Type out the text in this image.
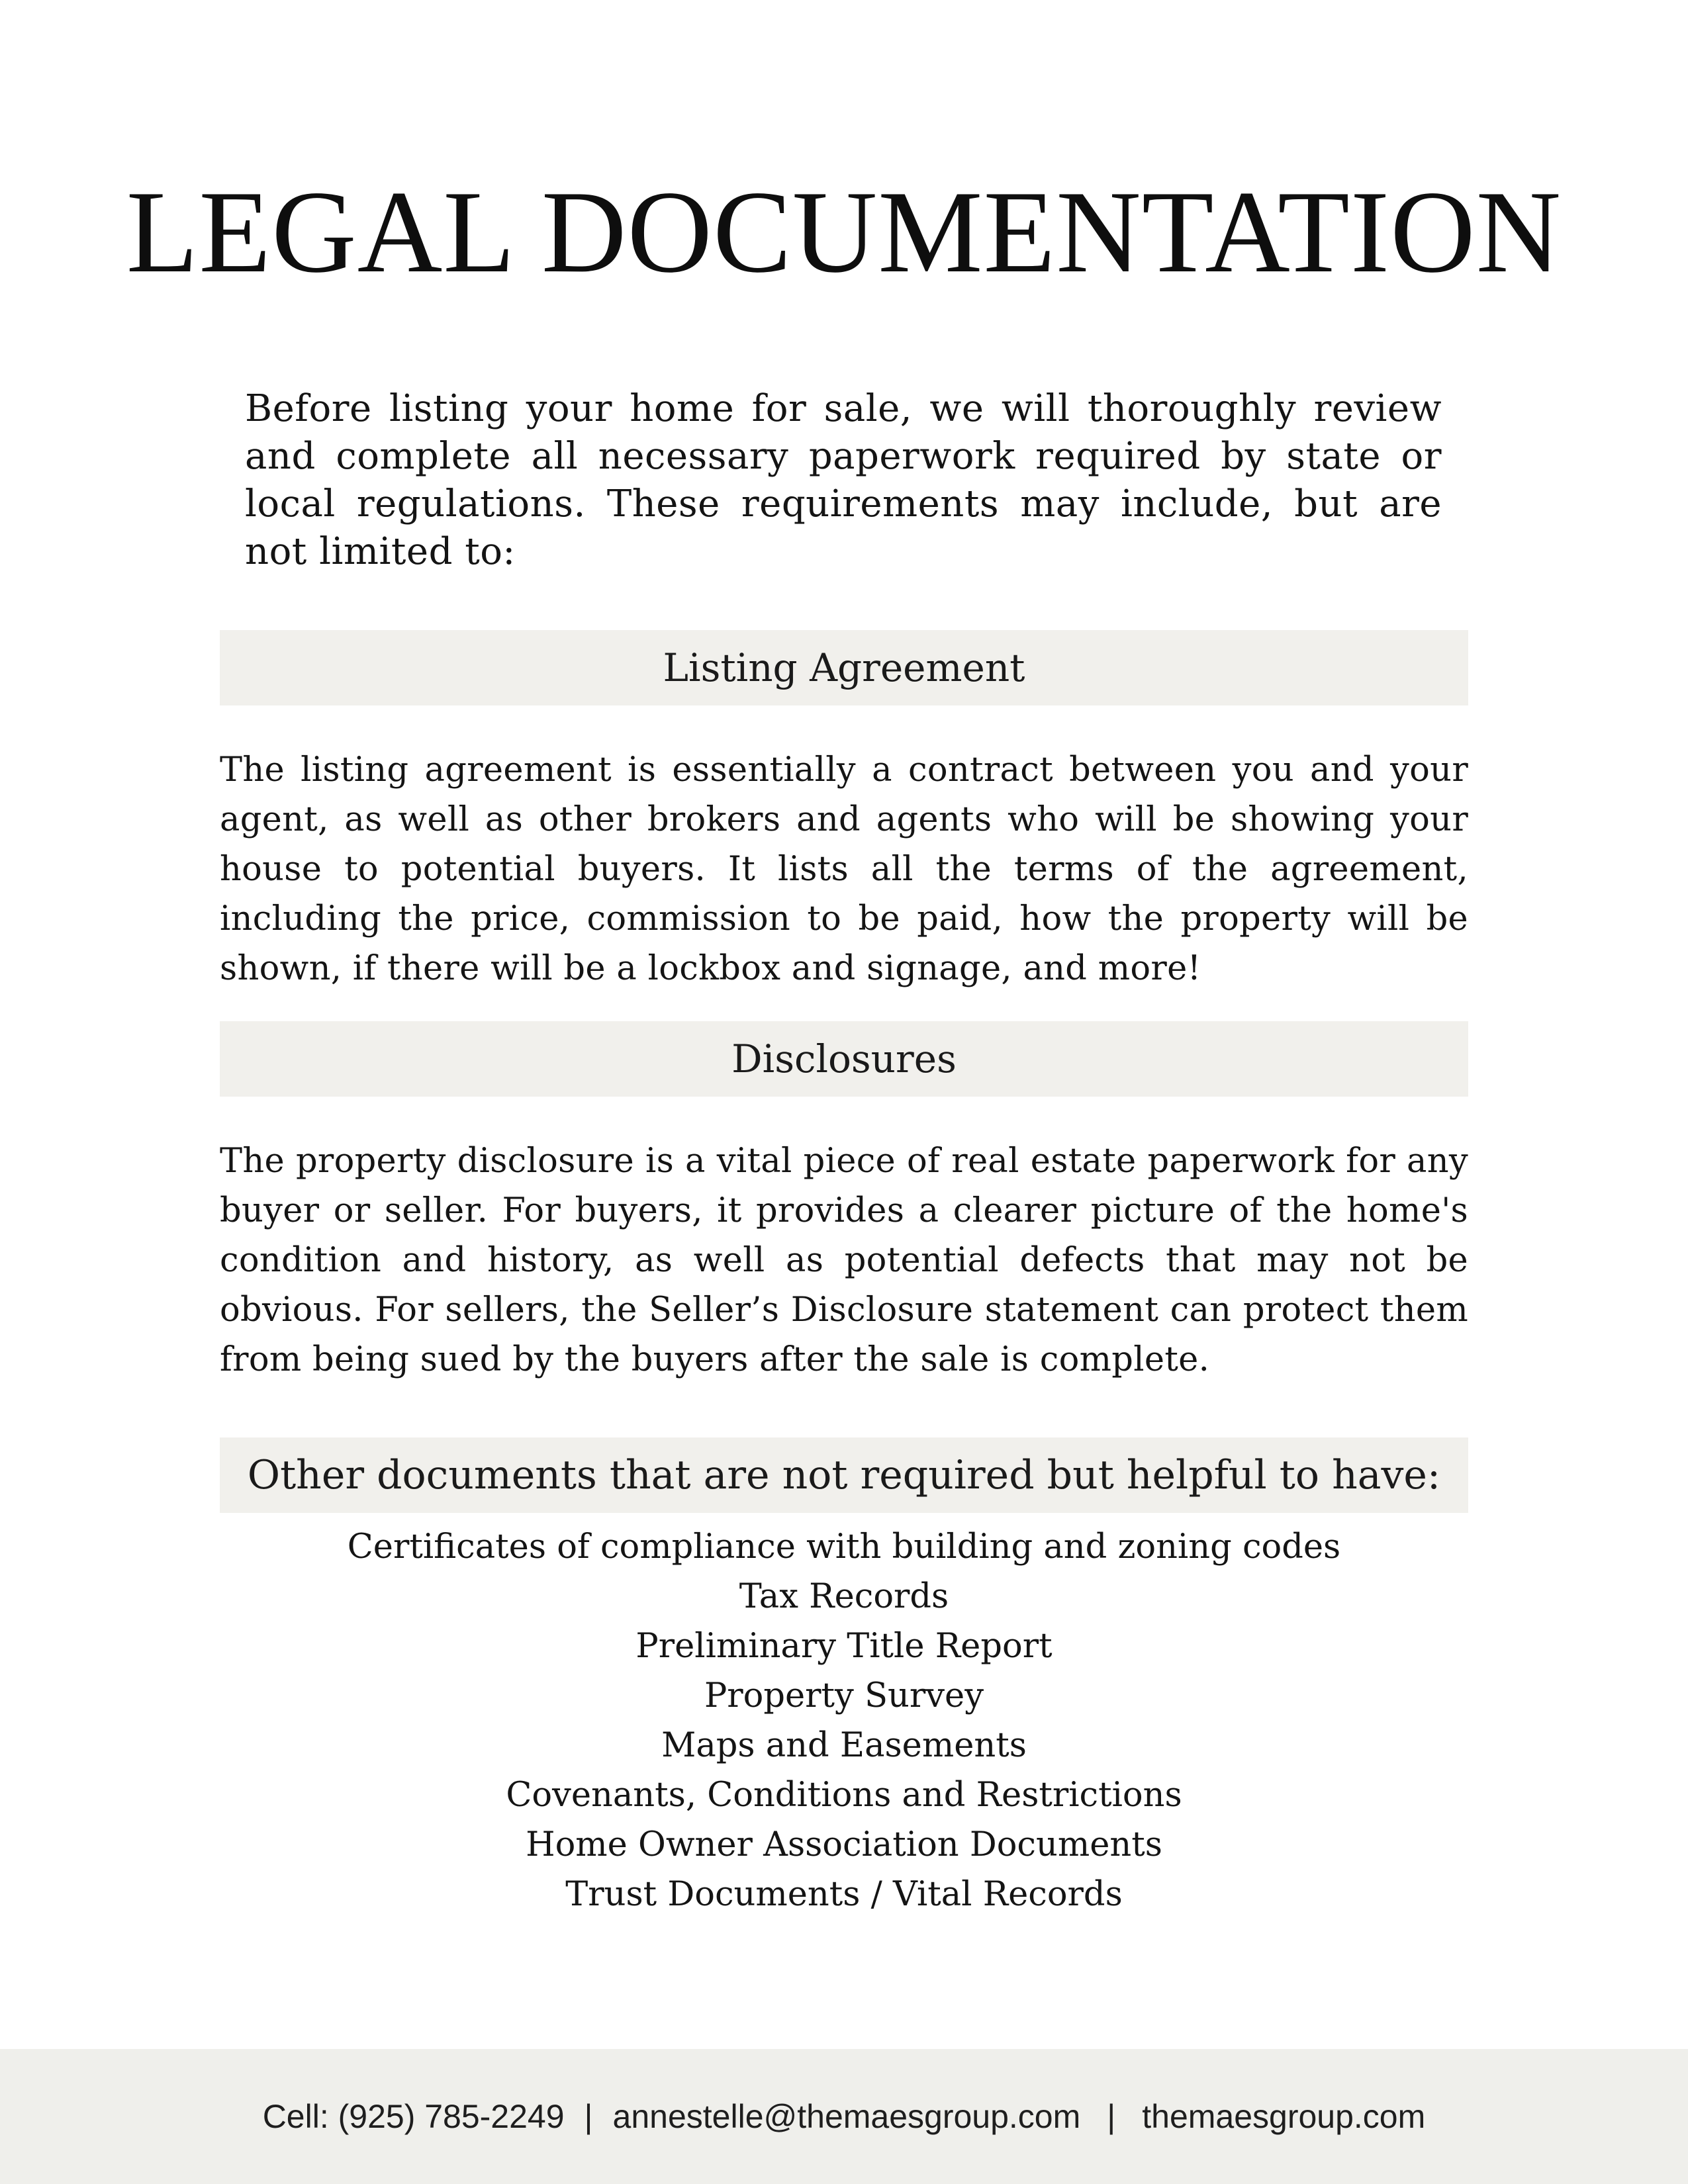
LEGAL DOCUMENTATION

Before listing your home for sale, we will thoroughly review and complete all necessary paperwork required by state or local regulations. These requirements may include, but are not limited to:

Listing Agreement

The listing agreement is essentially a contract between you and your agent, as well as other brokers and agents who will be showing your house to potential buyers. It lists all the terms of the agreement, including the price, commission to be paid, how the property will be shown, if there will be a lockbox and signage, and more!

Disclosures

The property disclosure is a vital piece of real estate paperwork for any buyer or seller. For buyers, it provides a clearer picture of the home's condition and history, as well as potential defects that may not be obvious. For sellers, the Seller’s Disclosure statement can protect them from being sued by the buyers after the sale is complete.

Other documents that are not required but helpful to have:
Certificates of compliance with building and zoning codes
Tax Records
Preliminary Title Report
Property Survey
Maps and Easements
Covenants, Conditions and Restrictions
Home Owner Association Documents
Trust Documents / Vital Records
Cell: (925) 785-2249 | annestelle@themaesgroup.com | themaesgroup.com
